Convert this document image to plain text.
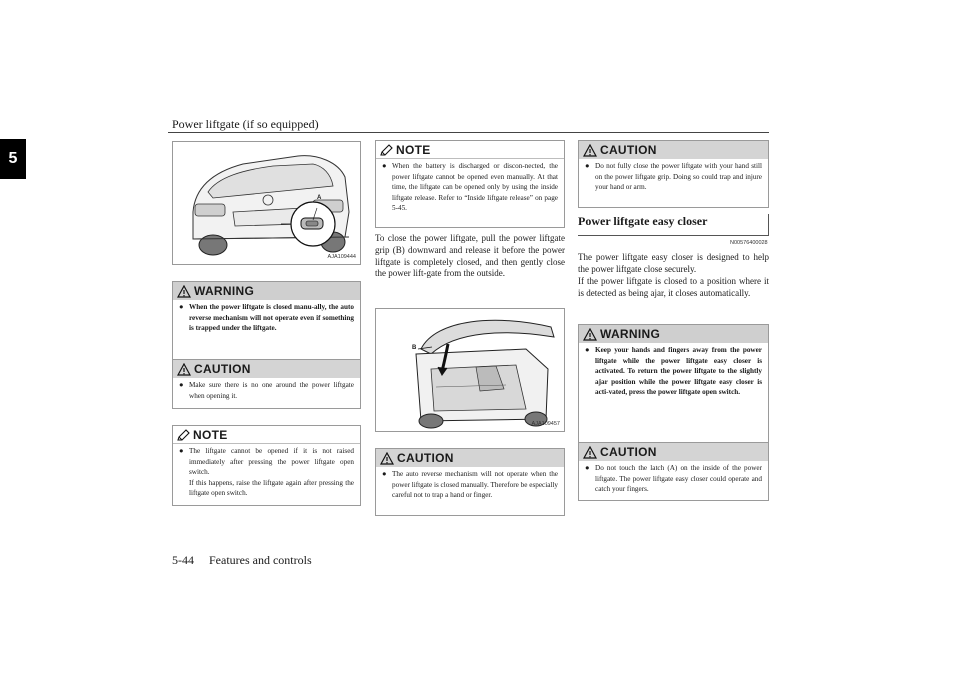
Power liftgate (if so equipped)
5
A
AJA109444
WARNING
● When the power liftgate is closed manu-ally, the auto reverse mechanism will not operate even if something is trapped under the liftgate.
CAUTION
● Make sure there is no one around the power liftgate when opening it.
NOTE
● The liftgate cannot be opened if it is not raised immediately after pressing the power liftgate open switch.
If this happens, raise the liftgate again after pressing the liftgate open switch.
NOTE
● When the battery is discharged or discon-nected, the power liftgate cannot be opened even manually. At that time, the liftgate can be opened only by using the inside liftgate release. Refer to “Inside liftgate release” on page 5-45.
To close the power liftgate, pull the power liftgate grip (B) downward and release it before the power liftgate is completely closed, and then gently close the power lift-gate from the outside.
B
AJA109457
CAUTION
● The auto reverse mechanism will not operate when the power liftgate is closed manually. Therefore be especially careful not to trap a hand or finger.
CAUTION
● Do not fully close the power liftgate with your hand still on the power liftgate grip. Doing so could trap and injure your hand or arm.
Power liftgate easy closer
N00576400028
The power liftgate easy closer is designed to help the power liftgate close securely.
If the power liftgate is closed to a position where it is detected as being ajar, it closes automatically.
WARNING
● Keep your hands and fingers away from the power liftgate while the power liftgate easy closer is activated. To return the power liftgate to the slightly ajar position while the power liftgate easy closer is acti-vated, press the power liftgate open switch.
CAUTION
● Do not touch the latch (A) on the inside of the power liftgate. The power liftgate easy closer could operate and catch your fingers.
5-44 Features and controls
